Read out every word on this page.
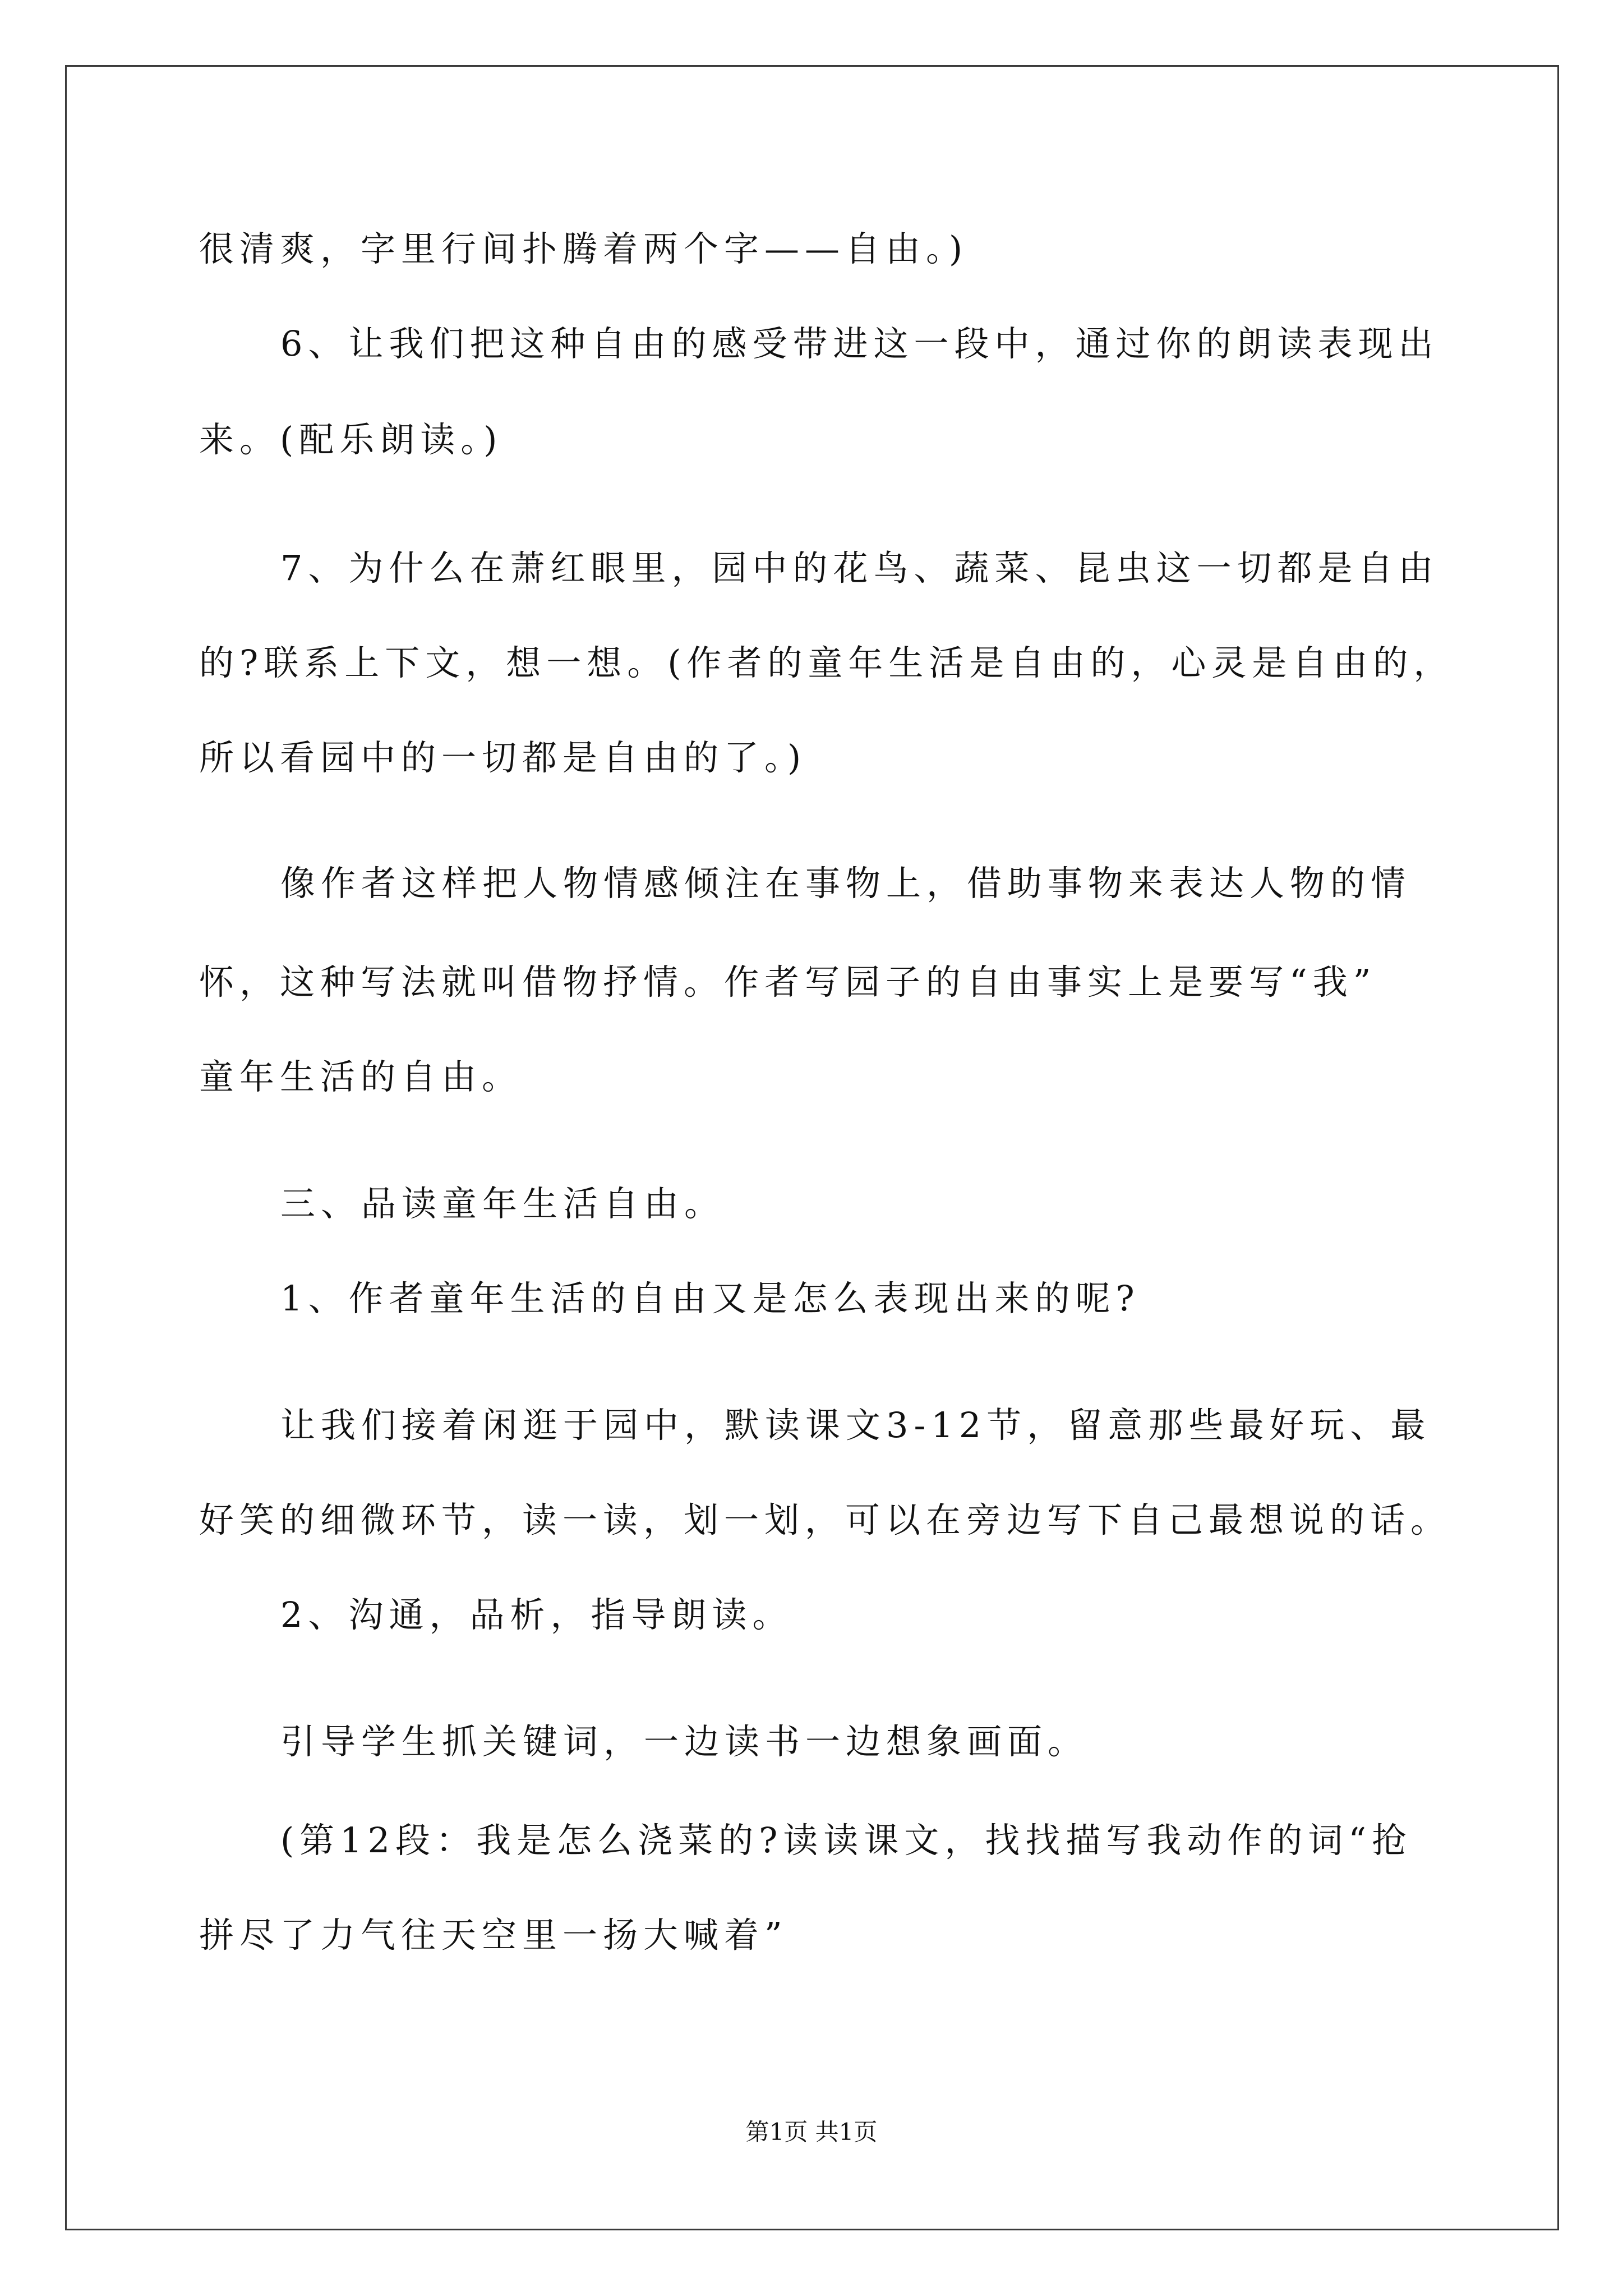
很清爽，字里行间扑腾着两个字——自由。)
6、让我们把这种自由的感受带进这一段中，通过你的朗读表现出
来。(配乐朗读。)
7、为什么在萧红眼里，园中的花鸟、蔬菜、昆虫这一切都是自由
的?联系上下文，想一想。(作者的童年生活是自由的，心灵是自由的，
所以看园中的一切都是自由的了。)
像作者这样把人物情感倾注在事物上，借助事物来表达人物的情
怀，这种写法就叫借物抒情。作者写园子的自由事实上是要写“我”
童年生活的自由。
三、品读童年生活自由。
1、作者童年生活的自由又是怎么表现出来的呢?
让我们接着闲逛于园中，默读课文3-12节，留意那些最好玩、最
好笑的细微环节，读一读，划一划，可以在旁边写下自己最想说的话。
2、沟通，品析，指导朗读。
引导学生抓关键词，一边读书一边想象画面。
(第12段：我是怎么浇菜的?读读课文，找找描写我动作的词“抢
拼尽了力气往天空里一扬大喊着”
第1页 共1页
